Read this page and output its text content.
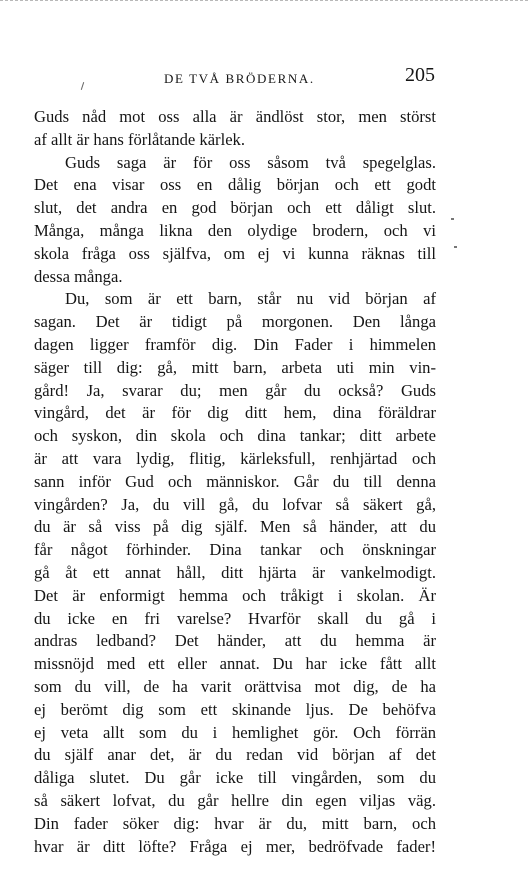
DE TVÅ BRÖDERNA.	205
Guds nåd mot oss alla är ändlöst stor, men störst
af allt är hans förlåtande kärlek.
Guds saga är för oss såsom två spegelglas.
Det ena visar oss en dålig början och ett godt
slut, det andra en god början och ett dåligt slut.
Många, många likna den olydige brodern, och vi
skola fråga oss själfva, om ej vi kunna räknas till
dessa många.
Du, som är ett barn, står nu vid början af
sagan. Det är tidigt på morgonen. Den långa
dagen ligger framför dig. Din Fader i himmelen
säger till dig: gå, mitt barn, arbeta uti min vin-
gård! Ja, svarar du; men går du också? Guds
vingård, det är för dig ditt hem, dina föräldrar
och syskon, din skola och dina tankar; ditt arbete
är att vara lydig, flitig, kärleksfull, renhjärtad och
sann inför Gud och människor. Går du till denna
vingården? Ja, du vill gå, du lofvar så säkert gå,
du är så viss på dig själf. Men så händer, att du
får något förhinder. Dina tankar och önskningar
gå åt ett annat håll, ditt hjärta är vankelmodigt.
Det är enformigt hemma och tråkigt i skolan. Är
du icke en fri varelse? Hvarför skall du gå i
andras ledband? Det händer, att du hemma är
missnöjd med ett eller annat. Du har icke fått allt
som du vill, de ha varit orättvisa mot dig, de ha
ej berömt dig som ett skinande ljus. De behöfva
ej veta allt som du i hemlighet gör. Och förrän
du själf anar det, är du redan vid början af det
dåliga slutet. Du går icke till vingården, som du
så säkert lofvat, du går hellre din egen viljas väg.
Din fader söker dig: hvar är du, mitt barn, och
hvar är ditt löfte? Fråga ej mer, bedröfvade fader!
